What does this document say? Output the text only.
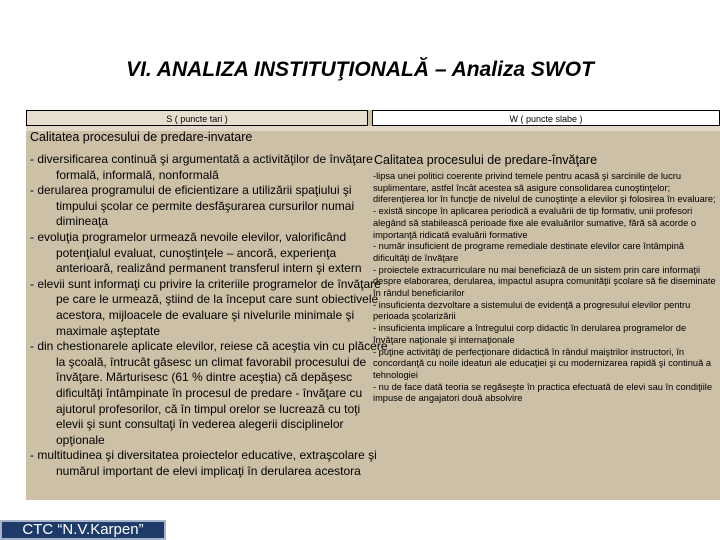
VI. ANALIZA INSTITUŢIONALĂ – Analiza SWOT
S ( puncte tari )	W ( puncte slabe )
Calitatea procesului de predare-invatare
- diversificarea continuă şi argumentată a activităţilor de învăţare formală, informală, nonformală
- derularea programului de eficientizare a utilizării spaţiului şi timpului şcolar ce permite desfăşurarea cursurilor numai dimineaţa
- evoluţia programelor urmează nevoile elevilor, valorificând potenţialul evaluat, cunoştinţele – ancoră, experienţa anterioară, realizând permanent transferul intern şi extern
- elevii sunt informaţi cu privire la criteriile programelor de învăţare pe care le urmează, ştiind de la început care sunt obiectivele acestora, mijloacele de evaluare şi nivelurile minimale şi maximale aşteptate
- din chestionarele aplicate elevilor, reiese că aceştia vin cu plăcere la şcoală, întrucât găsesc un climat favorabil procesului de învăţare. Mărturisesc (61 % dintre aceştia) că depăşesc dificultăţi întâmpinate în procesul de predare - învăţare cu ajutorul profesorilor, că în timpul orelor se lucrează cu toţi elevii şi sunt consultaţi în vederea alegerii disciplinelor opţionale
- multitudinea şi diversitatea proiectelor educative, extraşcolare şi numărul important de elevi implicaţi în derularea acestora
Calitatea procesului de predare-învăţare
-lipsa unei politici coerente privind temele pentru acasă şi sarcinile de lucru suplimentare, astfel încât acestea să asigure consolidarea cunoştinţelor; diferenţierea lor în funcţie de nivelul de cunoştinţe a elevilor şi folosirea în evaluare;
- există sincope în aplicarea periodică a evaluării de tip formativ, unii profesori alegând să stabilească perioade fixe ale evaluărilor sumative, fără să acorde o importanţă ridicată evaluării formative
- număr insuficient de programe remediale destinate elevilor care întâmpină dificultăţi de învăţare
- proiectele extracurriculare nu mai beneficiază de un sistem prin care informaţii despre elaborarea, derularea, impactul asupra comunităţii şcolare să fie diseminate în rândul beneficiarilor
- insuficienta dezvoltare a sistemului de evidenţă a progresului elevilor pentru perioada şcolarizării
- insuficienta implicare a întregului corp didactic în derularea programelor de învăţare naţionale şi internaţionale
- puţine activităţi de perfecţionare didactică în rândul maiştrilor instructori, în concordanţă cu noile ideaturi ale educaţiei şi cu modernizarea rapidă şi continuă a tehnologiei
- nu de face dată teoria se regăseşte în practica efectuată de elevi sau în condiţiile impuse de angajatori două absolvire
CTC “N.V.Karpen”
